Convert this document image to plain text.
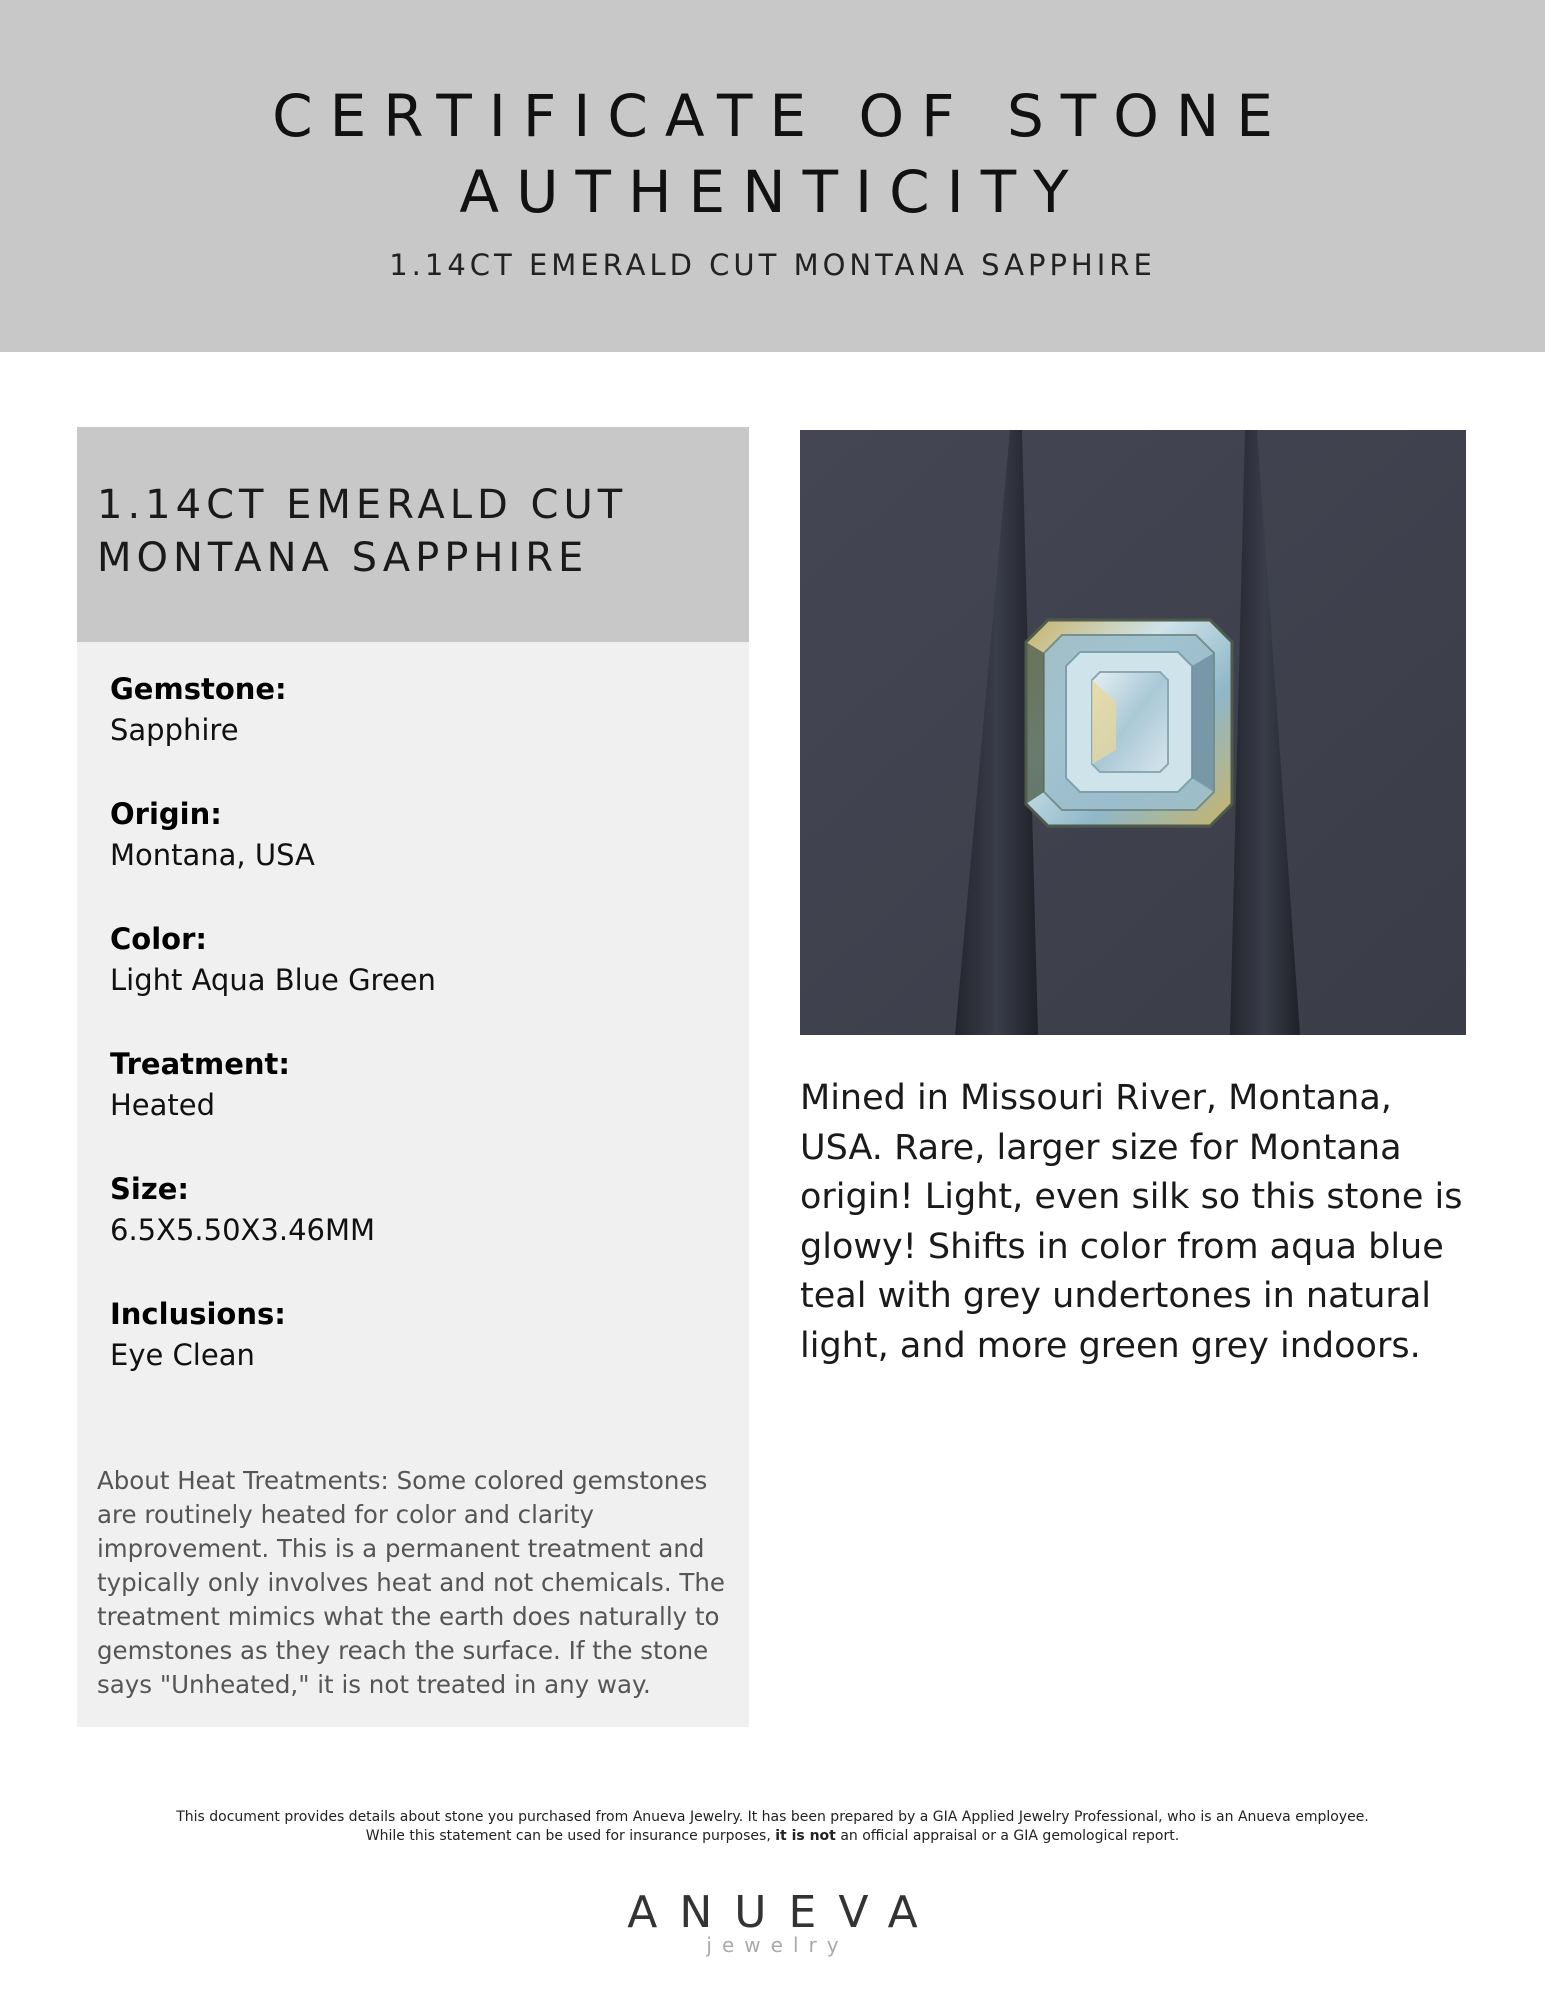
CERTIFICATE OF STONE
AUTHENTICITY
1.14CT EMERALD CUT MONTANA SAPPHIRE
1.14CT EMERALD CUT
MONTANA SAPPHIRE
Gemstone:
Sapphire
Origin:
Montana, USA
Color:
Light Aqua Blue Green
Treatment:
Heated
Size:
6.5X5.50X3.46MM
Inclusions:
Eye Clean
About Heat Treatments: Some colored gemstones are routinely heated for color and clarity improvement. This is a permanent treatment and typically only involves heat and not chemicals. The treatment mimics what the earth does naturally to gemstones as they reach the surface. If the stone says "Unheated," it is not treated in any way.
Mined in Missouri River, Montana, USA. Rare, larger size for Montana origin! Light, even silk so this stone is glowy! Shifts in color from aqua blue teal with grey undertones in natural light, and more green grey indoors.
This document provides details about stone you purchased from Anueva Jewelry. It has been prepared by a GIA Applied Jewelry Professional, who is an Anueva employee.
While this statement can be used for insurance purposes, it is not an official appraisal or a GIA gemological report.
ANUEVA
jewelry
